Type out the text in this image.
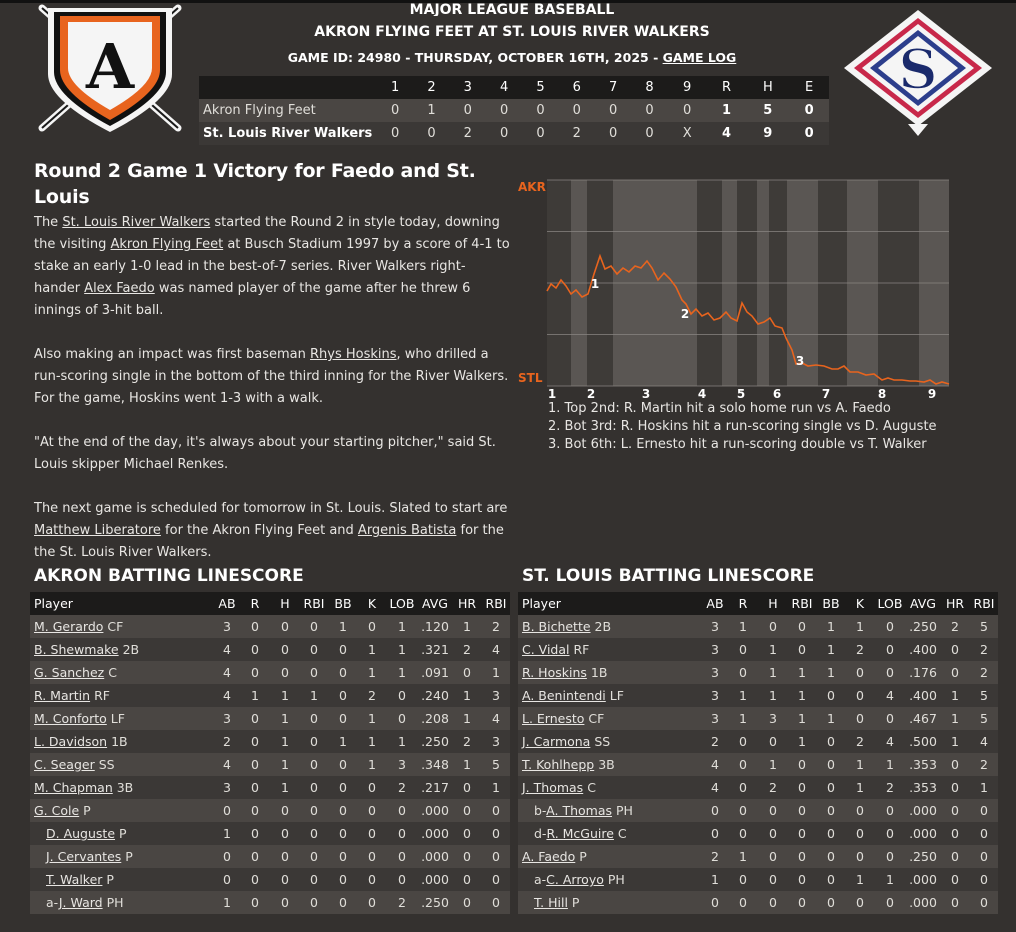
A	S
MAJOR LEAGUE BASEBALL
AKRON FLYING FEET AT ST. LOUIS RIVER WALKERS
GAME ID: 24980 - THURSDAY, OCTOBER 16TH, 2025 - GAME LOG
	1	2	3	4	5	6	7	8	9	R	H	E
Akron Flying Feet	0	1	0	0	0	0	0	0	0	1	5	0
St. Louis River Walkers	0	0	2	0	0	2	0	0	X	4	9	0
Round 2 Game 1 Victory for Faedo and St. Louis

The St. Louis River Walkers started the Round 2 in style today, downing the visiting Akron Flying Feet at Busch Stadium 1997 by a score of 4-1 to stake an early 1-0 lead in the best-of-7 series. River Walkers right-hander Alex Faedo was named player of the game after he threw 6 innings of 3-hit ball.

Also making an impact was first baseman Rhys Hoskins, who drilled a run-scoring single in the bottom of the third inning for the River Walkers. For the game, Hoskins went 1-3 with a walk.

"At the end of the day, it's always about your starting pitcher," said St. Louis skipper Michael Renkes.

The next game is scheduled for tomorrow in St. Louis. Slated to start are Matthew Liberatore for the Akron Flying Feet and Argenis Batista for the the St. Louis River Walkers.

AKR
STL
1
2
3
1	2	3	4	5 6	7	8	9
1. Top 2nd: R. Martin hit a solo home run vs A. Faedo
2. Bot 3rd: R. Hoskins hit a run-scoring single vs D. Auguste
3. Bot 6th: L. Ernesto hit a run-scoring double vs T. Walker
AKRON BATTING LINESCORE
Player	AB	R	H	RBI	BB	K	LOB	AVG	HR	RBI
M. Gerardo CF	3	0	0	0	1	0	1	.120	1	2
B. Shewmake 2B	4	0	0	0	0	1	1	.321	2	4
G. Sanchez C	4	0	0	0	0	1	1	.091	0	1
R. Martin RF	4	1	1	1	0	2	0	.240	1	3
M. Conforto LF	3	0	1	0	0	1	0	.208	1	4
L. Davidson 1B	2	0	1	0	1	1	1	.250	2	3
C. Seager SS	4	0	1	0	0	1	3	.348	1	5
M. Chapman 3B	3	0	1	0	0	0	2	.217	0	1
G. Cole P	0	0	0	0	0	0	0	.000	0	0
D. Auguste P	1	0	0	0	0	0	0	.000	0	0
J. Cervantes P	0	0	0	0	0	0	0	.000	0	0
T. Walker P	0	0	0	0	0	0	0	.000	0	0
a-J. Ward PH	1	0	0	0	0	0	2	.250	0	0
ST. LOUIS BATTING LINESCORE
Player	AB	R	H	RBI	BB	K	LOB	AVG	HR	RBI
B. Bichette 2B	3	1	0	0	1	1	0	.250	2	5
C. Vidal RF	3	0	1	0	1	2	0	.400	0	2
R. Hoskins 1B	3	0	1	1	1	0	0	.176	0	2
A. Benintendi LF	3	1	1	1	0	0	4	.400	1	5
L. Ernesto CF	3	1	3	1	1	0	0	.467	1	5
J. Carmona SS	2	0	0	1	0	2	4	.500	1	4
T. Kohlhepp 3B	4	0	1	0	0	1	1	.353	0	2
J. Thomas C	4	0	2	0	0	1	2	.353	0	1
b-A. Thomas PH	0	0	0	0	0	0	0	.000	0	0
d-R. McGuire C	0	0	0	0	0	0	0	.000	0	0
A. Faedo P	2	1	0	0	0	0	0	.250	0	0
a-C. Arroyo PH	1	0	0	0	0	1	1	.000	0	0
T. Hill P	0	0	0	0	0	0	0	.000	0	0
